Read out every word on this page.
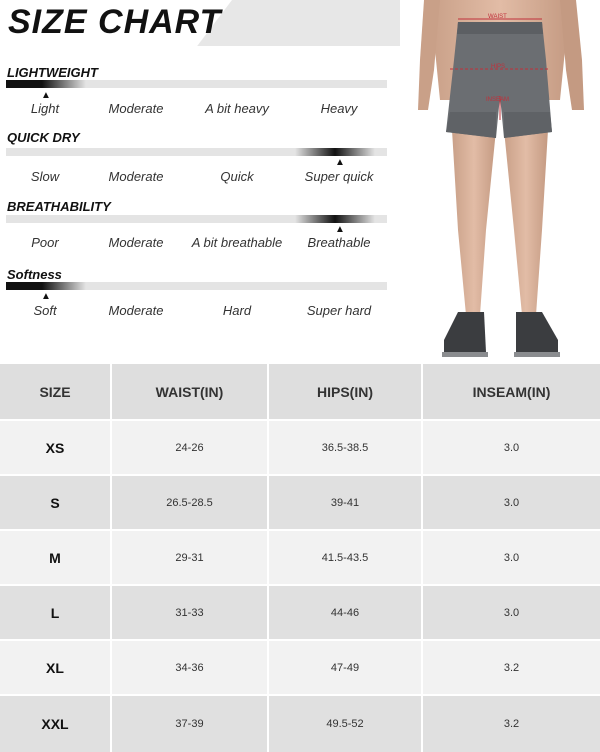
SIZE CHART
LIGHTWEIGHT
▲
Light	Moderate	A bit heavy	Heavy
QUICK DRY
▲
Slow	Moderate	Quick	Super quick
BREATHABILITY
▲
Poor	Moderate A bit breathable Breathable
Softness
▲
Soft	Moderate	Hard	Super hard
WAIST
HIPS
INSEAM
SIZE	WAIST(IN)	HIPS(IN)	INSEAM(IN)
XS	24-26	36.5-38.5	3.0
S	26.5-28.5	39-41	3.0
M	29-31	41.5-43.5	3.0
L	31-33	44-46	3.0
XL	34-36	47-49	3.2
XXL	37-39	49.5-52	3.2
